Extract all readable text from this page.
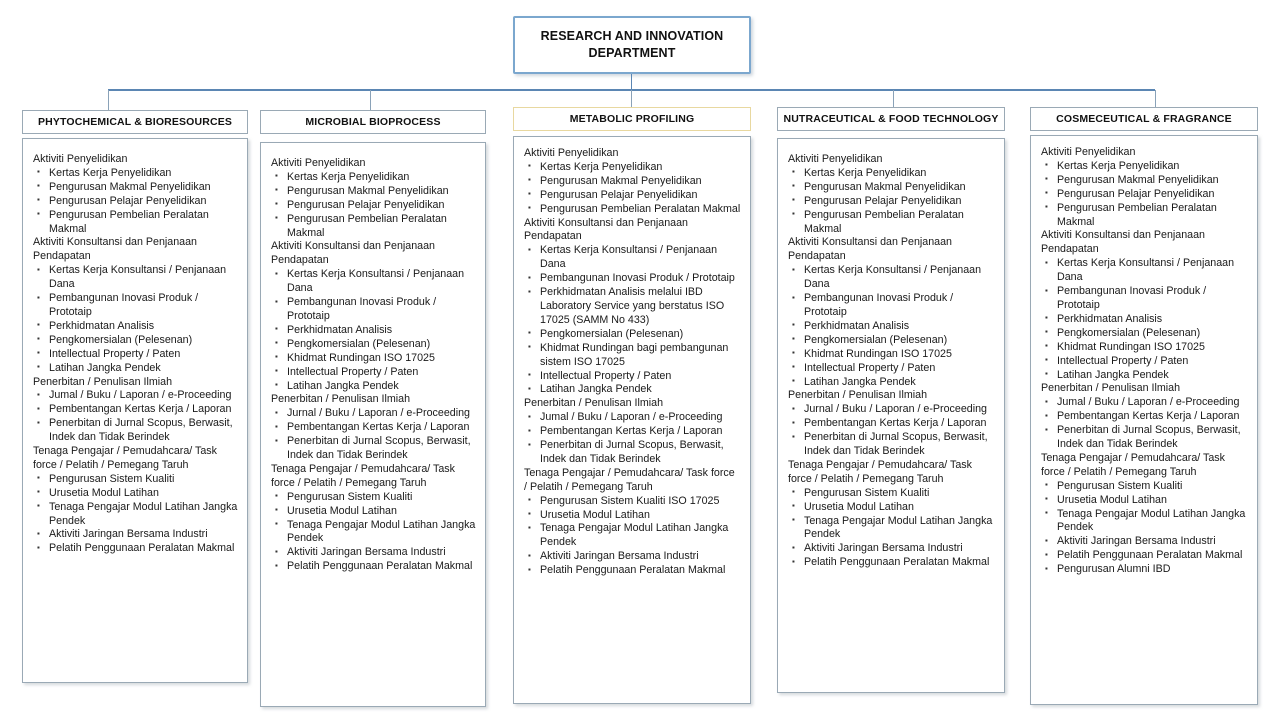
RESEARCH AND INNOVATION
DEPARTMENT
PHYTOCHEMICAL & BIORESOURCES
Aktiviti Penyelidikan
▪ Kertas Kerja Penyelidikan
▪ Pengurusan Makmal Penyelidikan
▪ Pengurusan Pelajar Penyelidikan
▪ Pengurusan Pembelian Peralatan Makmal
Aktiviti Konsultansi dan Penjanaan Pendapatan
▪ Kertas Kerja Konsultansi / Penjanaan Dana
▪ Pembangunan Inovasi Produk / Prototaip
▪ Perkhidmatan Analisis
▪ Pengkomersialan (Pelesenan)
▪ Intellectual Property / Paten
▪ Latihan Jangka Pendek
Penerbitan / Penulisan Ilmiah
▪ Jumal / Buku / Laporan / e-Proceeding
▪ Pembentangan Kertas Kerja / Laporan
▪ Penerbitan di Jurnal Scopus, Berwasit, Indek dan Tidak Berindek
Tenaga Pengajar / Pemudahcara/ Task force / Pelatih / Pemegang Taruh
▪ Pengurusan Sistem Kualiti
▪ Urusetia Modul Latihan
▪ Tenaga Pengajar Modul Latihan Jangka Pendek
▪ Aktiviti Jaringan Bersama Industri
▪ Pelatih Penggunaan Peralatan Makmal
MICROBIAL BIOPROCESS
Aktiviti Penyelidikan
▪ Kertas Kerja Penyelidikan
▪ Pengurusan Makmal Penyelidikan
▪ Pengurusan Pelajar Penyelidikan
▪ Pengurusan Pembelian Peralatan Makmal
Aktiviti Konsultansi dan Penjanaan Pendapatan
▪ Kertas Kerja Konsultansi / Penjanaan Dana
▪ Pembangunan Inovasi Produk / Prototaip
▪ Perkhidmatan Analisis
▪ Pengkomersialan (Pelesenan)
▪ Khidmat Rundingan ISO 17025
▪ Intellectual Property / Paten
▪ Latihan Jangka Pendek
Penerbitan / Penulisan Ilmiah
▪ Jurnal / Buku / Laporan / e-Proceeding
▪ Pembentangan Kertas Kerja / Laporan
▪ Penerbitan di Jurnal Scopus, Berwasit, Indek dan Tidak Berindek
Tenaga Pengajar / Pemudahcara/ Task force / Pelatih / Pemegang Taruh
▪ Pengurusan Sistem Kualiti
▪ Urusetia Modul Latihan
▪ Tenaga Pengajar Modul Latihan Jangka Pendek
▪ Aktiviti Jaringan Bersama Industri
▪ Pelatih Penggunaan Peralatan Makmal
METABOLIC PROFILING
Aktiviti Penyelidikan
▪ Kertas Kerja Penyelidikan
▪ Pengurusan Makmal Penyelidikan
▪ Pengurusan Pelajar Penyelidikan
▪ Pengurusan Pembelian Peralatan Makmal
Aktiviti Konsultansi dan Penjanaan Pendapatan
▪ Kertas Kerja Konsultansi / Penjanaan Dana
▪ Pembangunan Inovasi Produk / Prototaip
▪ Perkhidmatan Analisis melalui IBD Laboratory Service yang berstatus ISO 17025 (SAMM No 433)
▪ Pengkomersialan (Pelesenan)
▪ Khidmat Rundingan bagi pembangunan sistem ISO 17025
▪ Intellectual Property / Paten
▪ Latihan Jangka Pendek
Penerbitan / Penulisan Ilmiah
▪ Jumal / Buku / Laporan / e-Proceeding
▪ Pembentangan Kertas Kerja / Laporan
▪ Penerbitan di Jurnal Scopus, Berwasit, Indek dan Tidak Berindek
Tenaga Pengajar / Pemudahcara/ Task force / Pelatih / Pemegang Taruh
▪ Pengurusan Sistem Kualiti ISO 17025
▪ Urusetia Modul Latihan
▪ Tenaga Pengajar Modul Latihan Jangka Pendek
▪ Aktiviti Jaringan Bersama Industri
▪ Pelatih Penggunaan Peralatan Makmal
NUTRACEUTICAL & FOOD TECHNOLOGY
Aktiviti Penyelidikan
▪ Kertas Kerja Penyelidikan
▪ Pengurusan Makmal Penyelidikan
▪ Pengurusan Pelajar Penyelidikan
▪ Pengurusan Pembelian Peralatan Makmal
Aktiviti Konsultansi dan Penjanaan Pendapatan
▪ Kertas Kerja Konsultansi / Penjanaan Dana
▪ Pembangunan Inovasi Produk / Prototaip
▪ Perkhidmatan Analisis
▪ Pengkomersialan (Pelesenan)
▪ Khidmat Rundingan ISO 17025
▪ Intellectual Property / Paten
▪ Latihan Jangka Pendek
Penerbitan / Penulisan Ilmiah
▪ Jurnal / Buku / Laporan / e-Proceeding
▪ Pembentangan Kertas Kerja / Laporan
▪ Penerbitan di Jurnal Scopus, Berwasit, Indek dan Tidak Berindek
Tenaga Pengajar / Pemudahcara/ Task force / Pelatih / Pemegang Taruh
▪ Pengurusan Sistem Kualiti
▪ Urusetia Modul Latihan
▪ Tenaga Pengajar Modul Latihan Jangka Pendek
▪ Aktiviti Jaringan Bersama Industri
▪ Pelatih Penggunaan Peralatan Makmal
COSMECEUTICAL & FRAGRANCE
Aktiviti Penyelidikan
▪ Kertas Kerja Penyelidikan
▪ Pengurusan Makmal Penyelidikan
▪ Pengurusan Pelajar Penyelidikan
▪ Pengurusan Pembelian Peralatan Makmal
Aktiviti Konsultansi dan Penjanaan Pendapatan
▪ Kertas Kerja Konsultansi / Penjanaan Dana
▪ Pembangunan Inovasi Produk / Prototaip
▪ Perkhidmatan Analisis
▪ Pengkomersialan (Pelesenan)
▪ Khidmat Rundingan ISO 17025
▪ Intellectual Property / Paten
▪ Latihan Jangka Pendek
Penerbitan / Penulisan Ilmiah
▪ Jumal / Buku / Laporan / e-Proceeding
▪ Pembentangan Kertas Kerja / Laporan
▪ Penerbitan di Jurnal Scopus, Berwasit, Indek dan Tidak Berindek
Tenaga Pengajar / Pemudahcara/ Task force / Pelatih / Pemegang Taruh
▪ Pengurusan Sistem Kualiti
▪ Urusetia Modul Latihan
▪ Tenaga Pengajar Modul Latihan Jangka Pendek
▪ Aktiviti Jaringan Bersama Industri
▪ Pelatih Penggunaan Peralatan Makmal
▪ Pengurusan Alumni IBD
